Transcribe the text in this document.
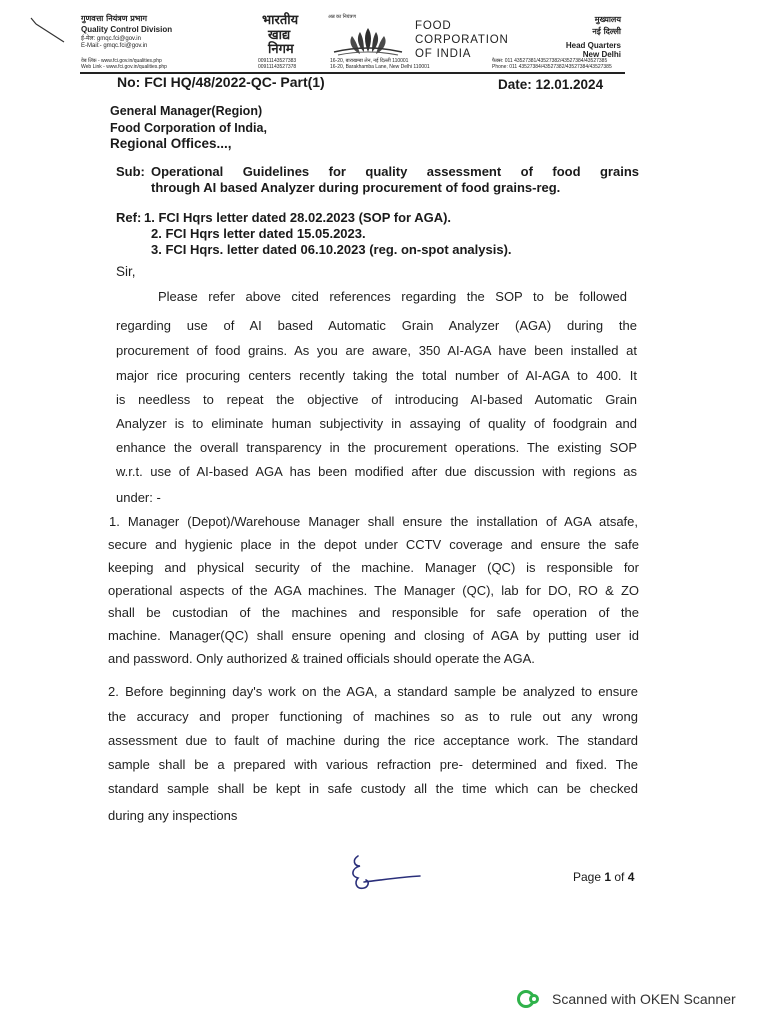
गुणवत्ता नियंत्रण प्रभाग
Quality Control Division
ई-मेल: gmqc.fci@gov.in
E-Mail:- gmqc.fci@gov.in
वेब लिंक - www.fci.gov.in/qualities.php
Web Link - www.fci.gov.in/qualities.php
00911143527383
00911143527378
भारतीय
खाद्य
निगम
अन्न का नियंत्रण
16-20, बाराखम्बा लेन, नई दिल्ली 110001
16-20, Barakhamba Lane, New Delhi 110001
FOOD
CORPORATION
OF INDIA
मुख्यालय
नई दिल्ली
Head Quarters
New Delhi
फैक्स: 011 43527381/43527382/43527384/43527385
Phone: 011 43527384/43527382/43527384/43527385
No: FCI HQ/48/2022-QC- Part(1)	Date: 12.01.2024
General Manager(Region)
Food Corporation of India,
Regional Offices...,
Sub: Operational Guidelines for quality assessment of food grains
through AI based Analyzer during procurement of food grains-reg.
Ref: 1. FCI Hqrs letter dated 28.02.2023 (SOP for AGA).
2. FCI Hqrs letter dated 15.05.2023.
3. FCI Hqrs. letter dated 06.10.2023 (reg. on-spot analysis).
Sir,
Please refer above cited references regarding the SOP to be followed
regarding use of AI based Automatic Grain Analyzer (AGA) during the
procurement of food grains. As you are aware, 350 AI-AGA have been installed at
major rice procuring centers recently taking the total number of AI-AGA to 400. It
is needless to repeat the objective of introducing AI-based Automatic Grain
Analyzer is to eliminate human subjectivity in assaying of quality of foodgrain and
enhance the overall transparency in the procurement operations. The existing SOP
w.r.t. use of AI-based AGA has been modified after due discussion with regions as
under: -
1. Manager (Depot)/Warehouse Manager shall ensure the installation of AGA atsafe,
secure and hygienic place in the depot under CCTV coverage and ensure the safe
keeping and physical security of the machine. Manager (QC) is responsible for
operational aspects of the AGA machines. The Manager (QC), lab for DO, RO & ZO
shall be custodian of the machines and responsible for safe operation of the
machine. Manager(QC) shall ensure opening and closing of AGA by putting user id
and password. Only authorized & trained officials should operate the AGA.
2. Before beginning day's work on the AGA, a standard sample be analyzed to ensure
the accuracy and proper functioning of machines so as to rule out any wrong
assessment due to fault of machine during the rice acceptance work. The standard
sample shall be a prepared with various refraction pre- determined and fixed. The
standard sample shall be kept in safe custody all the time which can be checked
during any inspections
Page 1 of 4
Scanned with OKEN Scanner
